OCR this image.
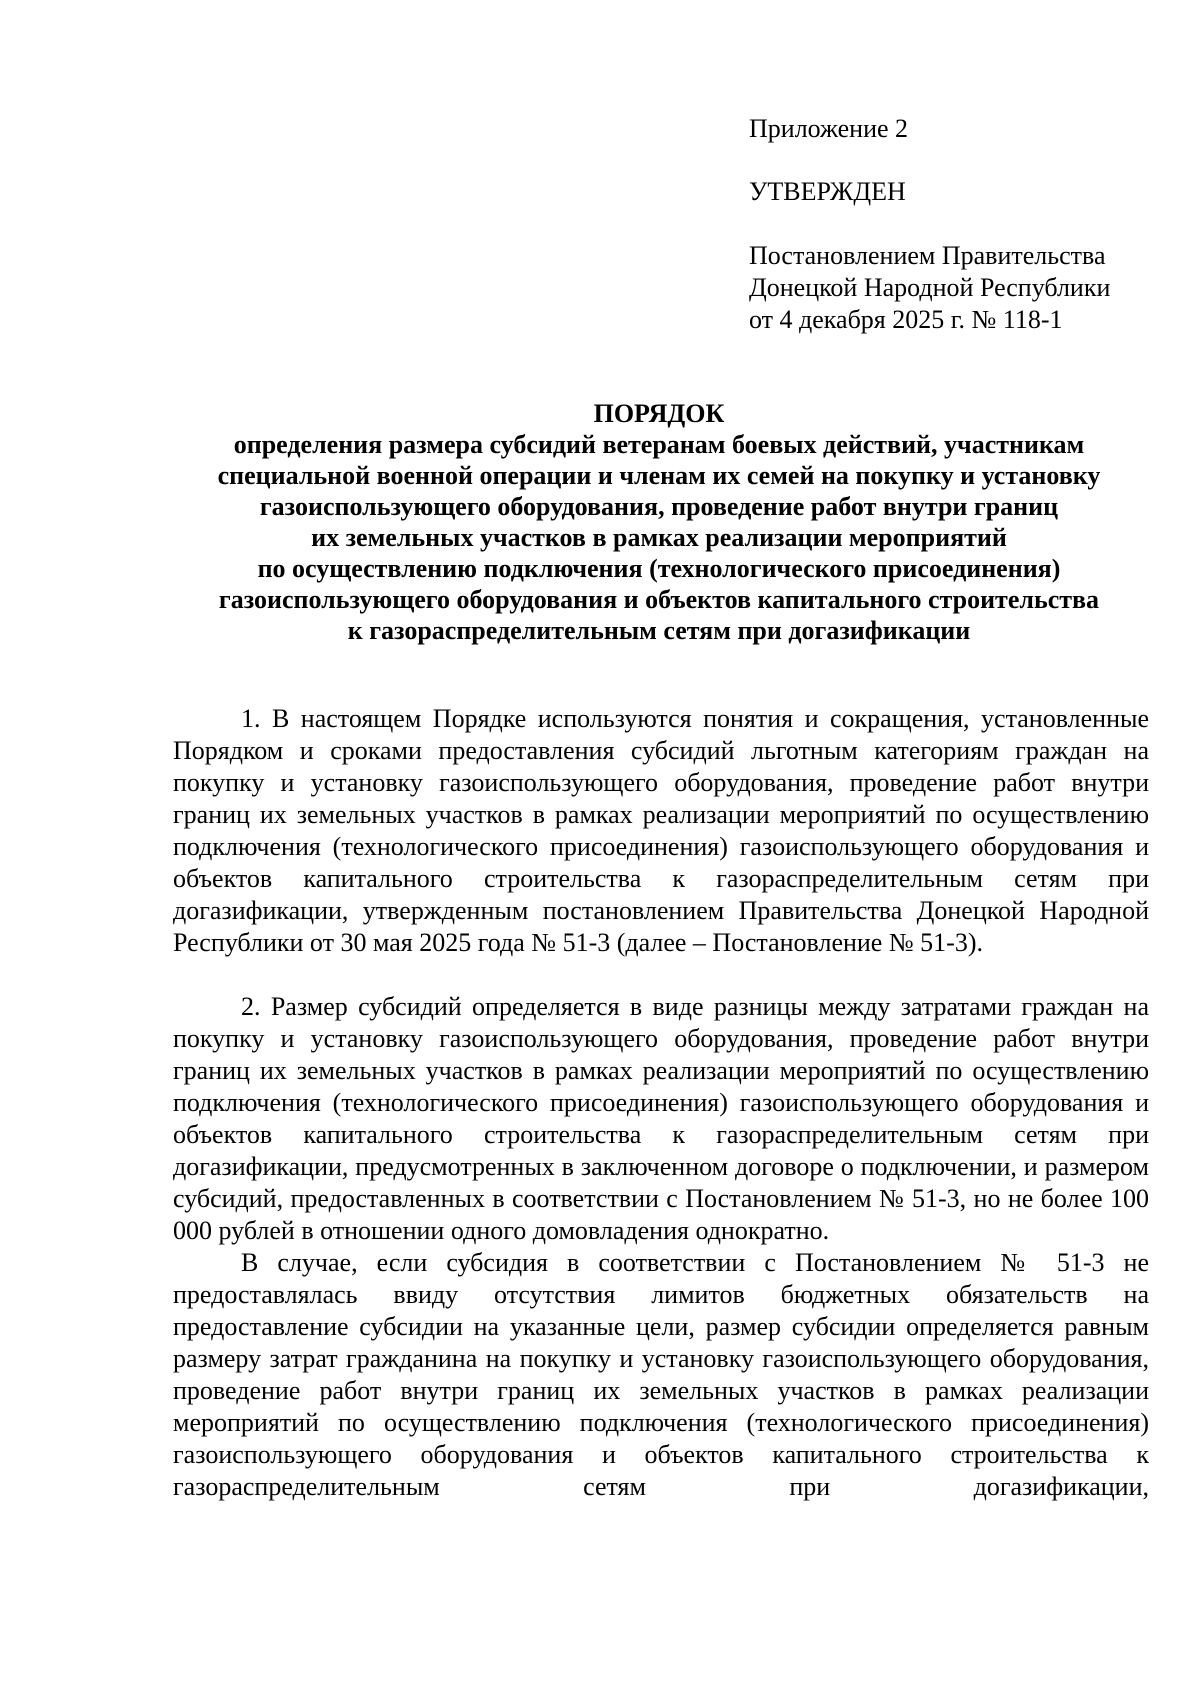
Приложение 2
УТВЕРЖДЕН
Постановлением Правительства
Донецкой Народной Республики
от 4 декабря 2025 г. № 118-1
ПОРЯДОК
определения размера субсидий ветеранам боевых действий, участникам
специальной военной операции и членам их семей на покупку и установку
газоиспользующего оборудования, проведение работ внутри границ
их земельных участков в рамках реализации мероприятий
по осуществлению подключения (технологического присоединения)
газоиспользующего оборудования и объектов капитального строительства
к газораспределительным сетям при догазификации

1. В настоящем Порядке используются понятия и сокращения, установленные Порядком и сроками предоставления субсидий льготным категориям граждан на покупку и установку газоиспользующего оборудования, проведение работ внутри границ их земельных участков в рамках реализации мероприятий по осуществлению подключения (технологического присоединения) газоиспользующего оборудования и объектов капитального строительства к газораспределительным сетям при догазификации, утвержденным постановлением Правительства Донецкой Народной Республики от 30 мая 2025 года № 51-3 (далее – Постановление № 51-3).

2. Размер субсидий определяется в виде разницы между затратами граждан на покупку и установку газоиспользующего оборудования, проведение работ внутри границ их земельных участков в рамках реализации мероприятий по осуществлению подключения (технологического присоединения) газоиспользующего оборудования и объектов капитального строительства к газораспределительным сетям при догазификации, предусмотренных в заключенном договоре о подключении, и размером субсидий, предоставленных в соответствии с Постановлением № 51-3, но не более 100 000 рублей в отношении одного домовладения однократно.

В случае, если субсидия в соответствии с Постановлением № 51-3 не предоставлялась ввиду отсутствия лимитов бюджетных обязательств на предоставление субсидии на указанные цели, размер субсидии определяется равным размеру затрат гражданина на покупку и установку газоиспользующего оборудования, проведение работ внутри границ их земельных участков в рамках реализации мероприятий по осуществлению подключения (технологического присоединения) газоиспользующего оборудования и объектов капитального строительства к газораспределительным сетям при догазификации,
